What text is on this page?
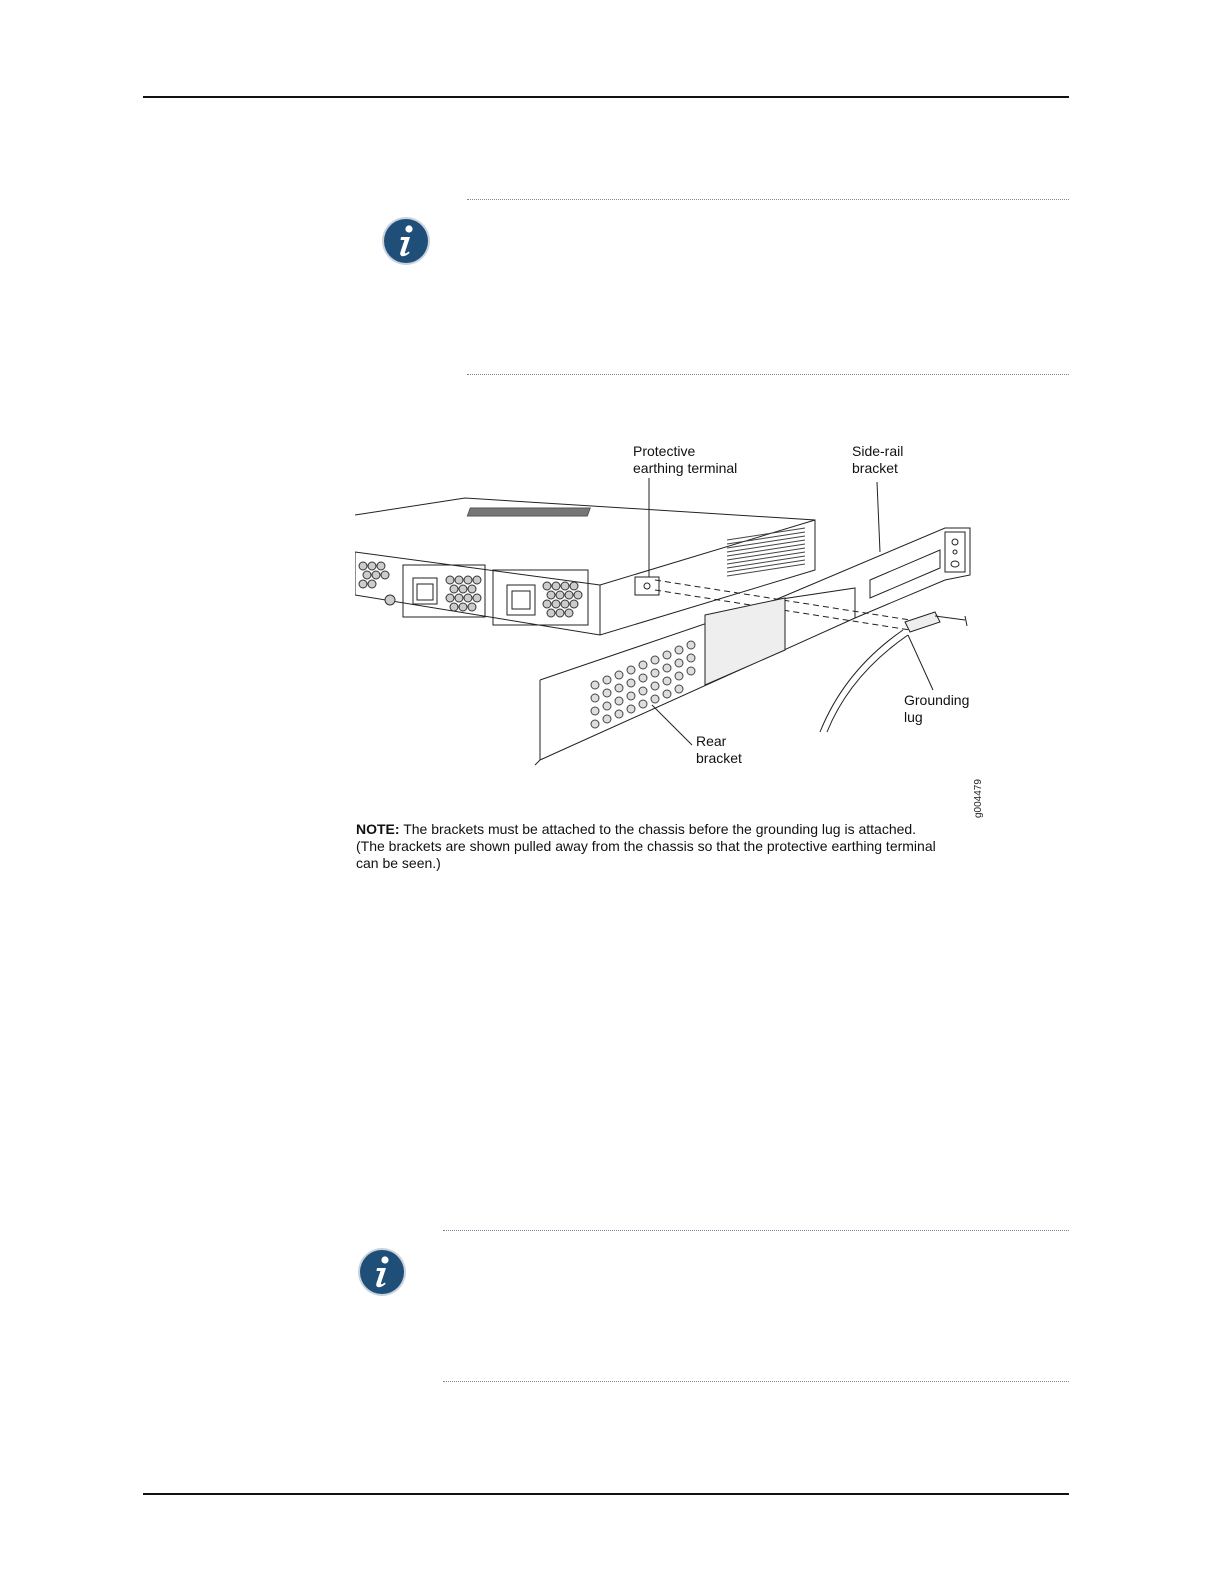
Protective
earthing terminal
Side-rail
bracket
Grounding
lug
Rear
bracket
g004479
NOTE: The brackets must be attached to the chassis before the grounding lug is attached.
(The brackets are shown pulled away from the chassis so that the protective earthing terminal
can be seen.)
